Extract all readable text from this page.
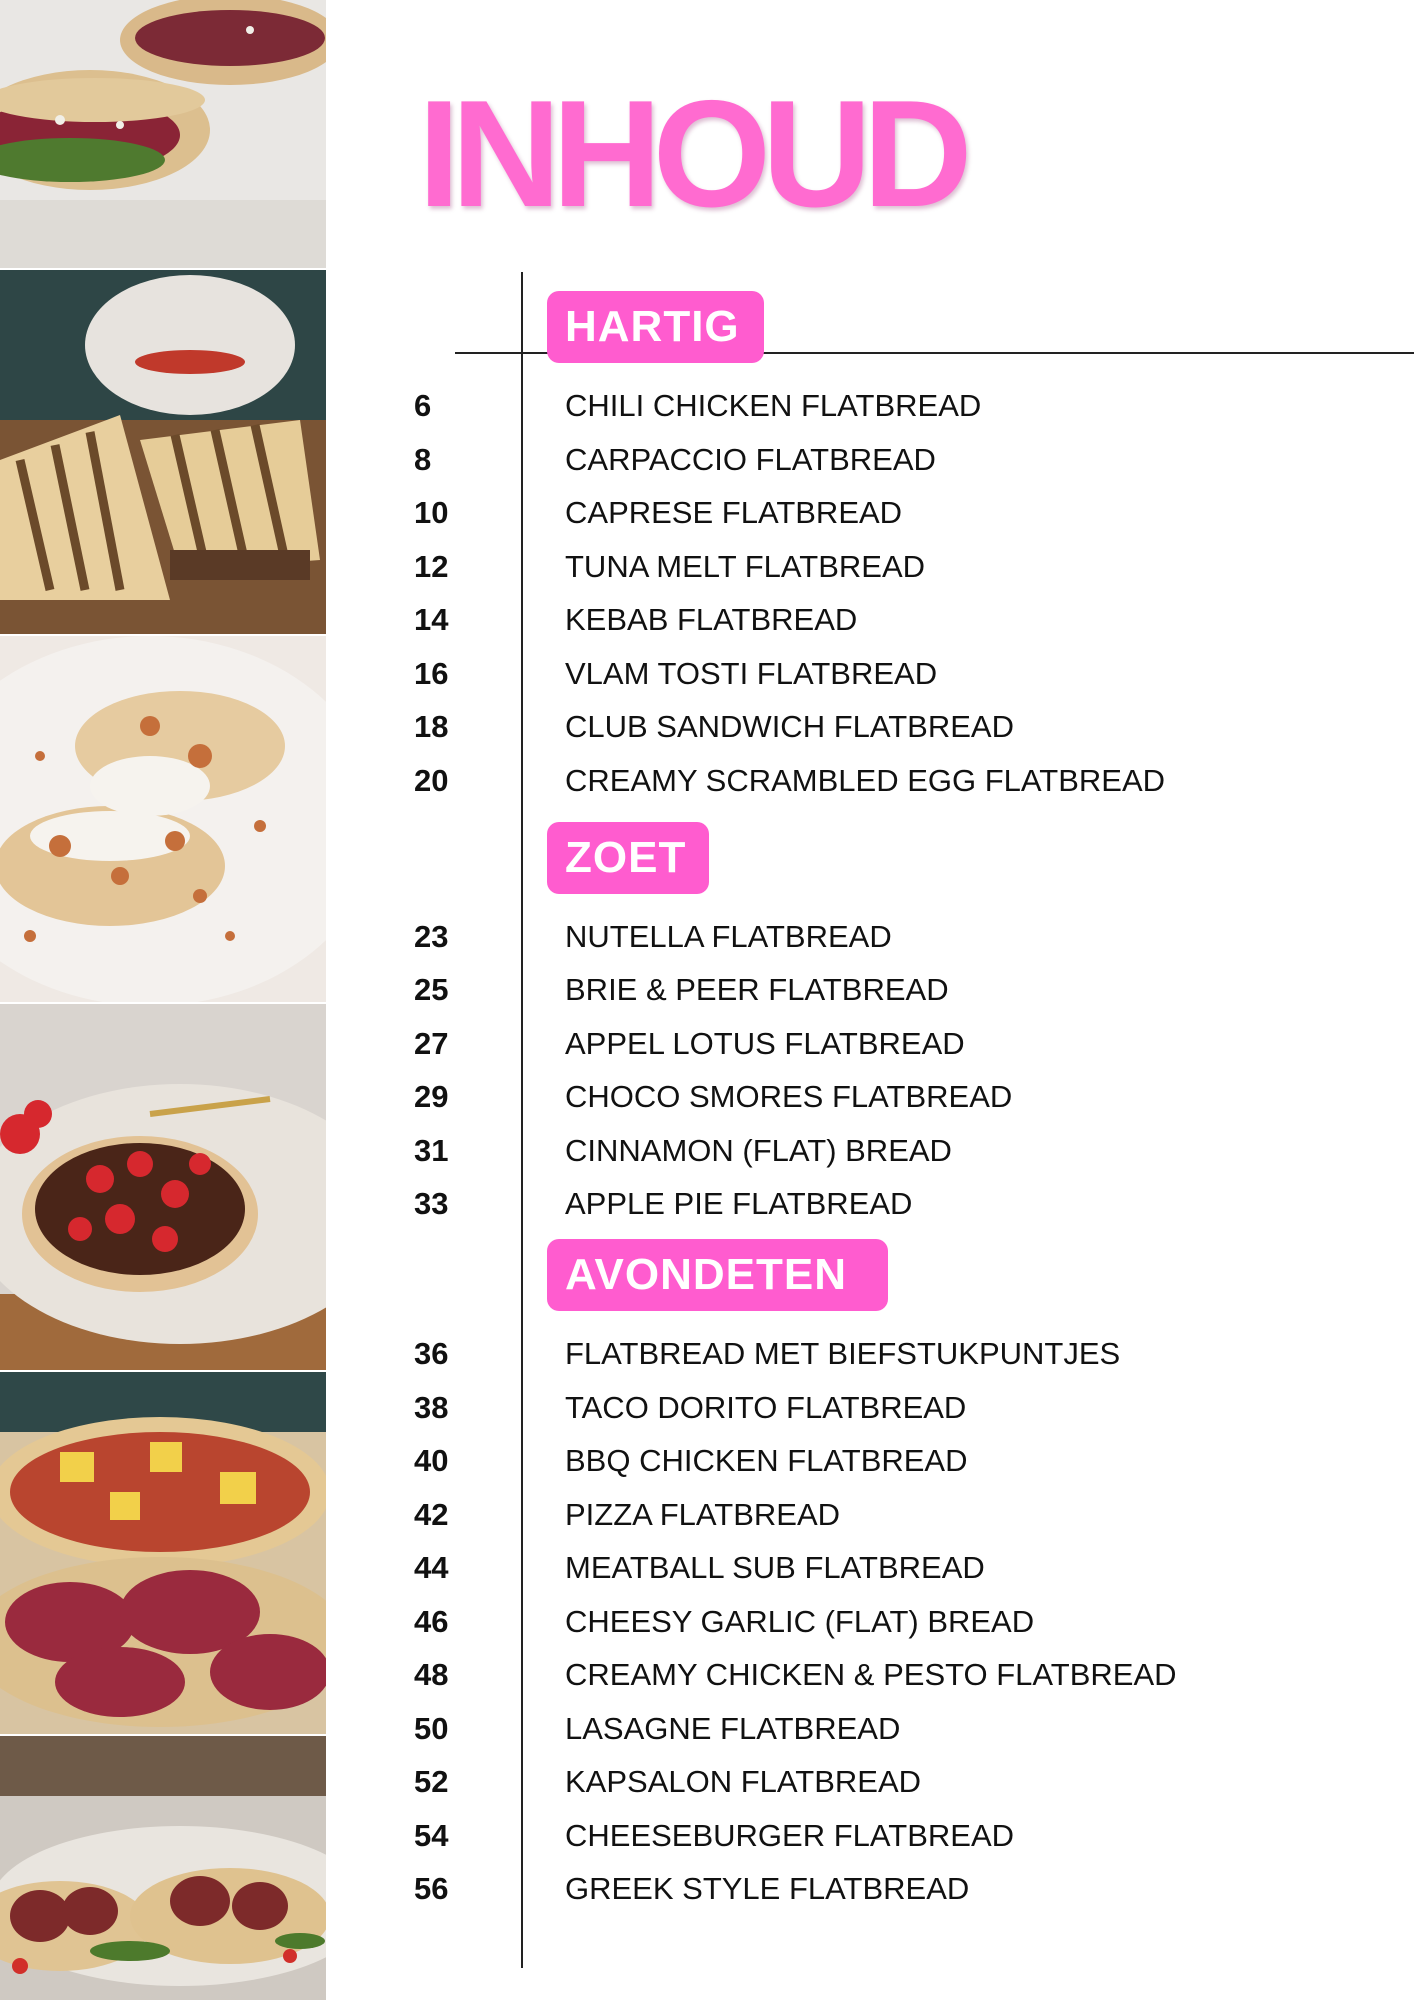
INHOUD
HARTIG
ZOET
AVONDETEN
6	CHILI CHICKEN FLATBREAD
8	CARPACCIO FLATBREAD
10	CAPRESE FLATBREAD
12	TUNA MELT FLATBREAD
14	KEBAB FLATBREAD
16	VLAM TOSTI FLATBREAD
18	CLUB SANDWICH FLATBREAD
20	CREAMY SCRAMBLED EGG FLATBREAD
23	NUTELLA FLATBREAD
25	BRIE & PEER FLATBREAD
27	APPEL LOTUS FLATBREAD
29	CHOCO SMORES FLATBREAD
31	CINNAMON (FLAT) BREAD
33	APPLE PIE FLATBREAD
36	FLATBREAD MET BIEFSTUKPUNTJES
38	TACO DORITO FLATBREAD
40	BBQ CHICKEN FLATBREAD
42	PIZZA FLATBREAD
44	MEATBALL SUB FLATBREAD
46	CHEESY GARLIC (FLAT) BREAD
48	CREAMY CHICKEN & PESTO FLATBREAD
50	LASAGNE FLATBREAD
52	KAPSALON FLATBREAD
54	CHEESEBURGER FLATBREAD
56	GREEK STYLE FLATBREAD
